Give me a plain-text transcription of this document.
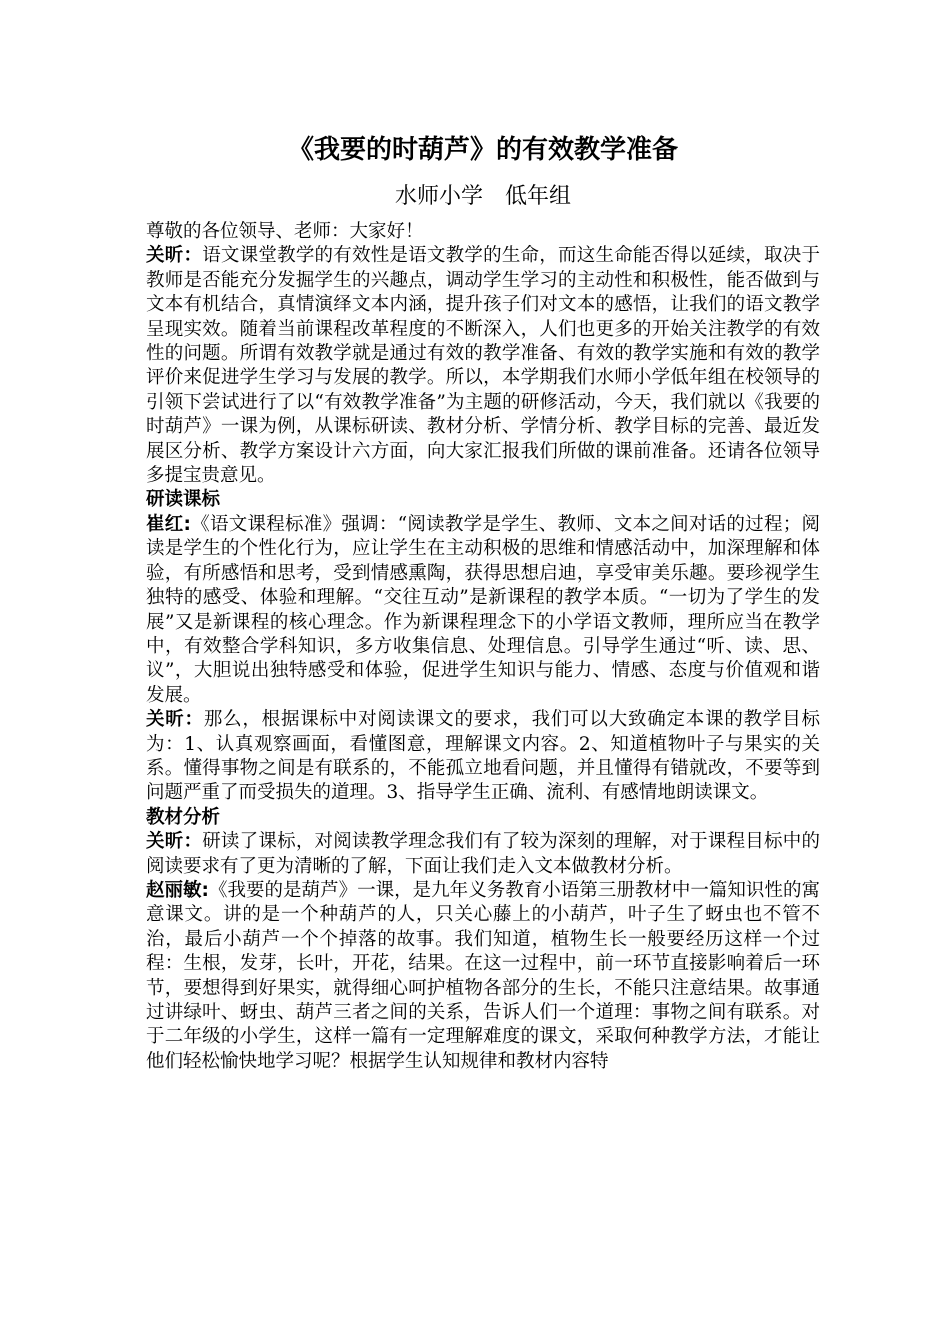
《我要的时葫芦》的有效教学准备
水师小学　低年组

尊敬的各位领导、老师：大家好！

关昕：语文课堂教学的有效性是语文教学的生命，而这生命能否得以延续，取决于教师是否能充分发掘学生的兴趣点，调动学生学习的主动性和积极性，能否做到与文本有机结合，真情演绎文本内涵，提升孩子们对文本的感悟，让我们的语文教学呈现实效。随着当前课程改革程度的不断深入，人们也更多的开始关注教学的有效性的问题。所谓有效教学就是通过有效的教学准备、有效的教学实施和有效的教学评价来促进学生学习与发展的教学。所以，本学期我们水师小学低年组在校领导的引领下尝试进行了以“有效教学准备”为主题的研修活动，今天，我们就以《我要的时葫芦》一课为例，从课标研读、教材分析、学情分析、教学目标的完善、最近发展区分析、教学方案设计六方面，向大家汇报我们所做的课前准备。还请各位领导多提宝贵意见。

研读课标

崔红:《语文课程标准》强调：“阅读教学是学生、教师、文本之间对话的过程；阅读是学生的个性化行为，应让学生在主动积极的思维和情感活动中，加深理解和体验，有所感悟和思考，受到情感熏陶，获得思想启迪，享受审美乐趣。要珍视学生独特的感受、体验和理解。“交往互动”是新课程的教学本质。“一切为了学生的发展”又是新课程的核心理念。作为新课程理念下的小学语文教师，理所应当在教学中，有效整合学科知识，多方收集信息、处理信息。引导学生通过“听、读、思、议”，大胆说出独特感受和体验，促进学生知识与能力、情感、态度与价值观和谐发展。

关昕：那么，根据课标中对阅读课文的要求，我们可以大致确定本课的教学目标为：1、认真观察画面，看懂图意，理解课文内容。2、知道植物叶子与果实的关系。懂得事物之间是有联系的，不能孤立地看问题，并且懂得有错就改，不要等到问题严重了而受损失的道理。3、指导学生正确、流利、有感情地朗读课文。

教材分析

关昕：研读了课标，对阅读教学理念我们有了较为深刻的理解，对于课程目标中的阅读要求有了更为清晰的了解，下面让我们走入文本做教材分析。

赵丽敏:《我要的是葫芦》一课，是九年义务教育小语第三册教材中一篇知识性的寓意课文。讲的是一个种葫芦的人，只关心藤上的小葫芦，叶子生了蚜虫也不管不治，最后小葫芦一个个掉落的故事。我们知道，植物生长一般要经历这样一个过程：生根，发芽，长叶，开花，结果。在这一过程中，前一环节直接影响着后一环节，要想得到好果实，就得细心呵护植物各部分的生长，不能只注意结果。故事通过讲绿叶、蚜虫、葫芦三者之间的关系，告诉人们一个道理：事物之间有联系。对于二年级的小学生，这样一篇有一定理解难度的课文，采取何种教学方法，才能让他们轻松愉快地学习呢？根据学生认知规律和教材内容特
